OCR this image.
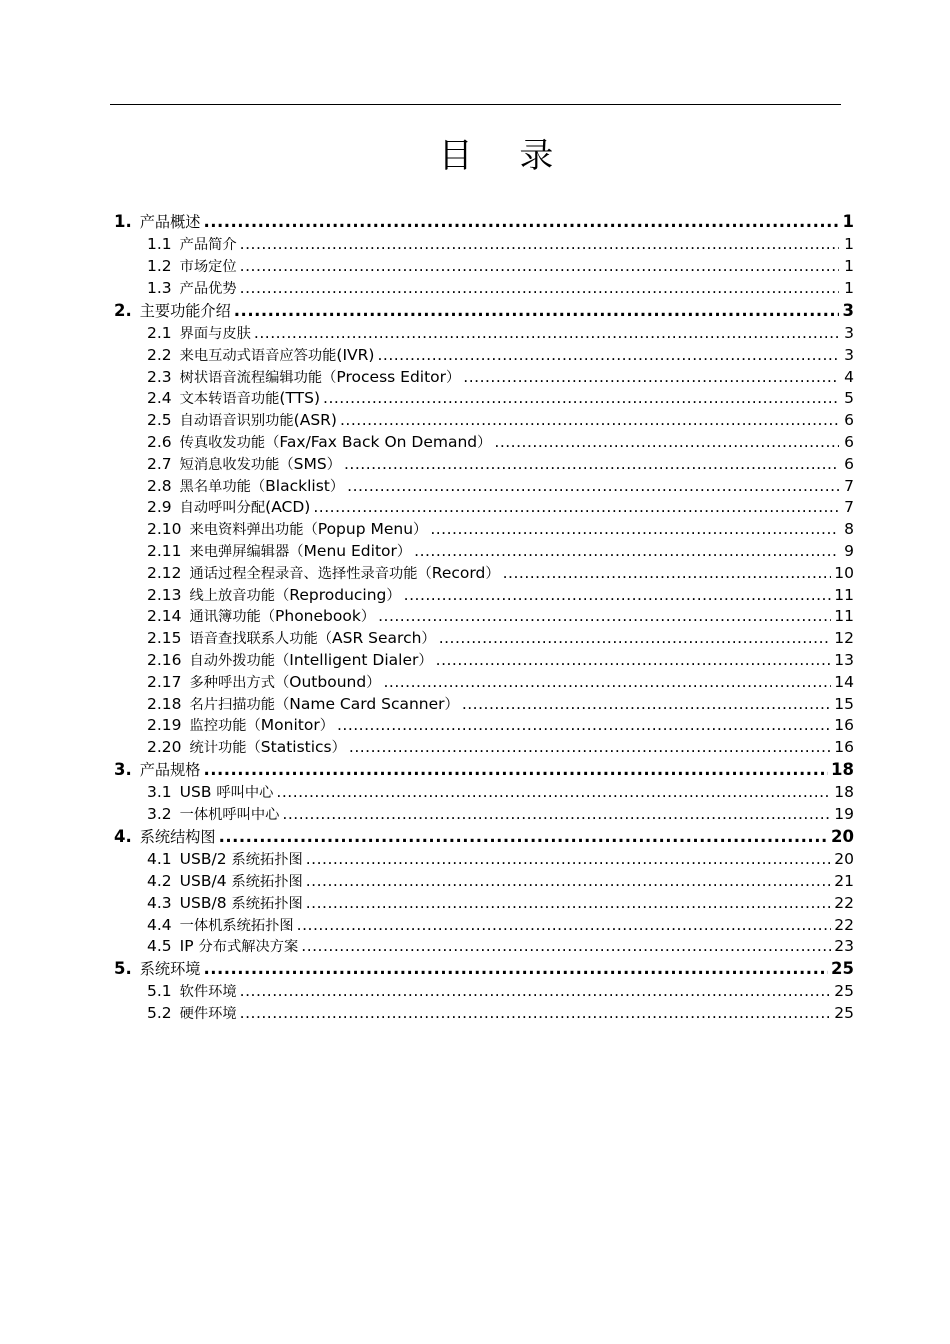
目 录
1. 产品概述 .....	1
1.1 产品简介 .....	1
1.2 市场定位 .....	1
1.3 产品优势 .....	1
2. 主要功能介绍 .....	3
2.1 界面与皮肤 .....	3
2.2 来电互动式语音应答功能(IVR) .....	3
2.3 树状语音流程编辑功能（Process Editor） .....	4
2.4 文本转语音功能(TTS) .....	5
2.5 自动语音识别功能(ASR) .....	6
2.6 传真收发功能（Fax/Fax Back On Demand） .....	6
2.7 短消息收发功能（SMS） .....	6
2.8 黑名单功能（Blacklist） .....	7
2.9 自动呼叫分配(ACD) .....	7
2.10 来电资料弹出功能（Popup Menu） .....	8
2.11 来电弹屏编辑器（Menu Editor） .....	9
2.12 通话过程全程录音、选择性录音功能（Record） .....	10
2.13 线上放音功能（Reproducing） .....	11
2.14 通讯簿功能（Phonebook） .....	11
2.15 语音查找联系人功能（ASR Search） .....	12
2.16 自动外拨功能（Intelligent Dialer） .....	13
2.17 多种呼出方式（Outbound） .....	14
2.18 名片扫描功能（Name Card Scanner） .....	15
2.19 监控功能（Monitor） .....	16
2.20 统计功能（Statistics） .....	16
3. 产品规格 .....	18
3.1 USB 呼叫中心 .....	18
3.2 一体机呼叫中心 .....	19
4. 系统结构图 .....	20
4.1 USB/2 系统拓扑图 .....	20
4.2 USB/4 系统拓扑图 .....	21
4.3 USB/8 系统拓扑图 .....	22
4.4 一体机系统拓扑图 .....	22
4.5 IP 分布式解决方案 .....	23
5. 系统环境 .....	25
5.1 软件环境 .....	25
5.2 硬件环境 .....	25
